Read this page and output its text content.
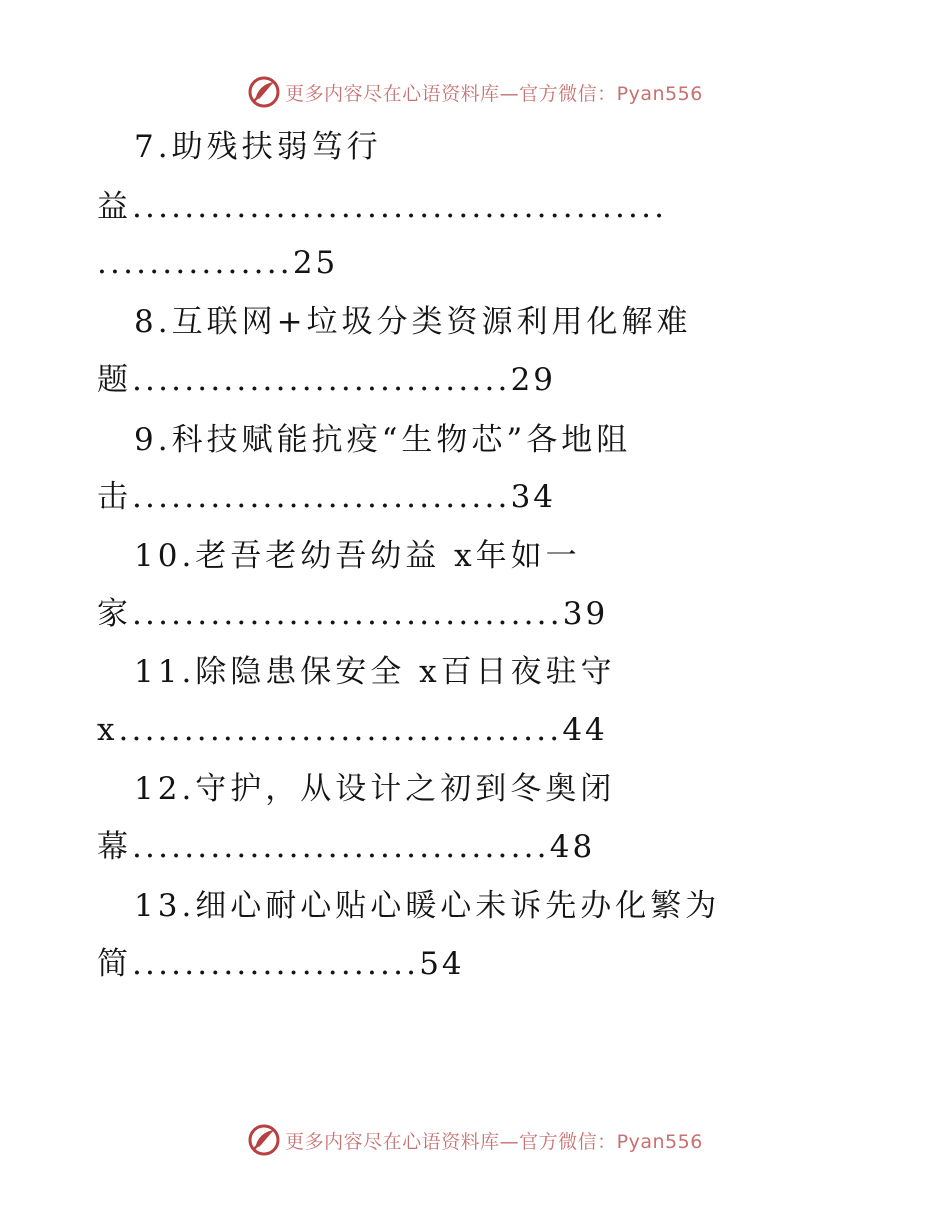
更多内容尽在心语资料库—官方微信：Pyan556
7.助残扶弱笃行
益.........................................
...............25
8.互联网+垃圾分类资源利用化解难
题.............................29
9.科技赋能抗疫“生物芯”各地阻
击.............................34
10.老吾老幼吾幼益 x年如一
家.................................39
11.除隐患保安全 x百日夜驻守
x..................................44
12.守护，从设计之初到冬奥闭
幕................................48
13.细心耐心贴心暖心未诉先办化繁为
简......................54
更多内容尽在心语资料库—官方微信：Pyan556
